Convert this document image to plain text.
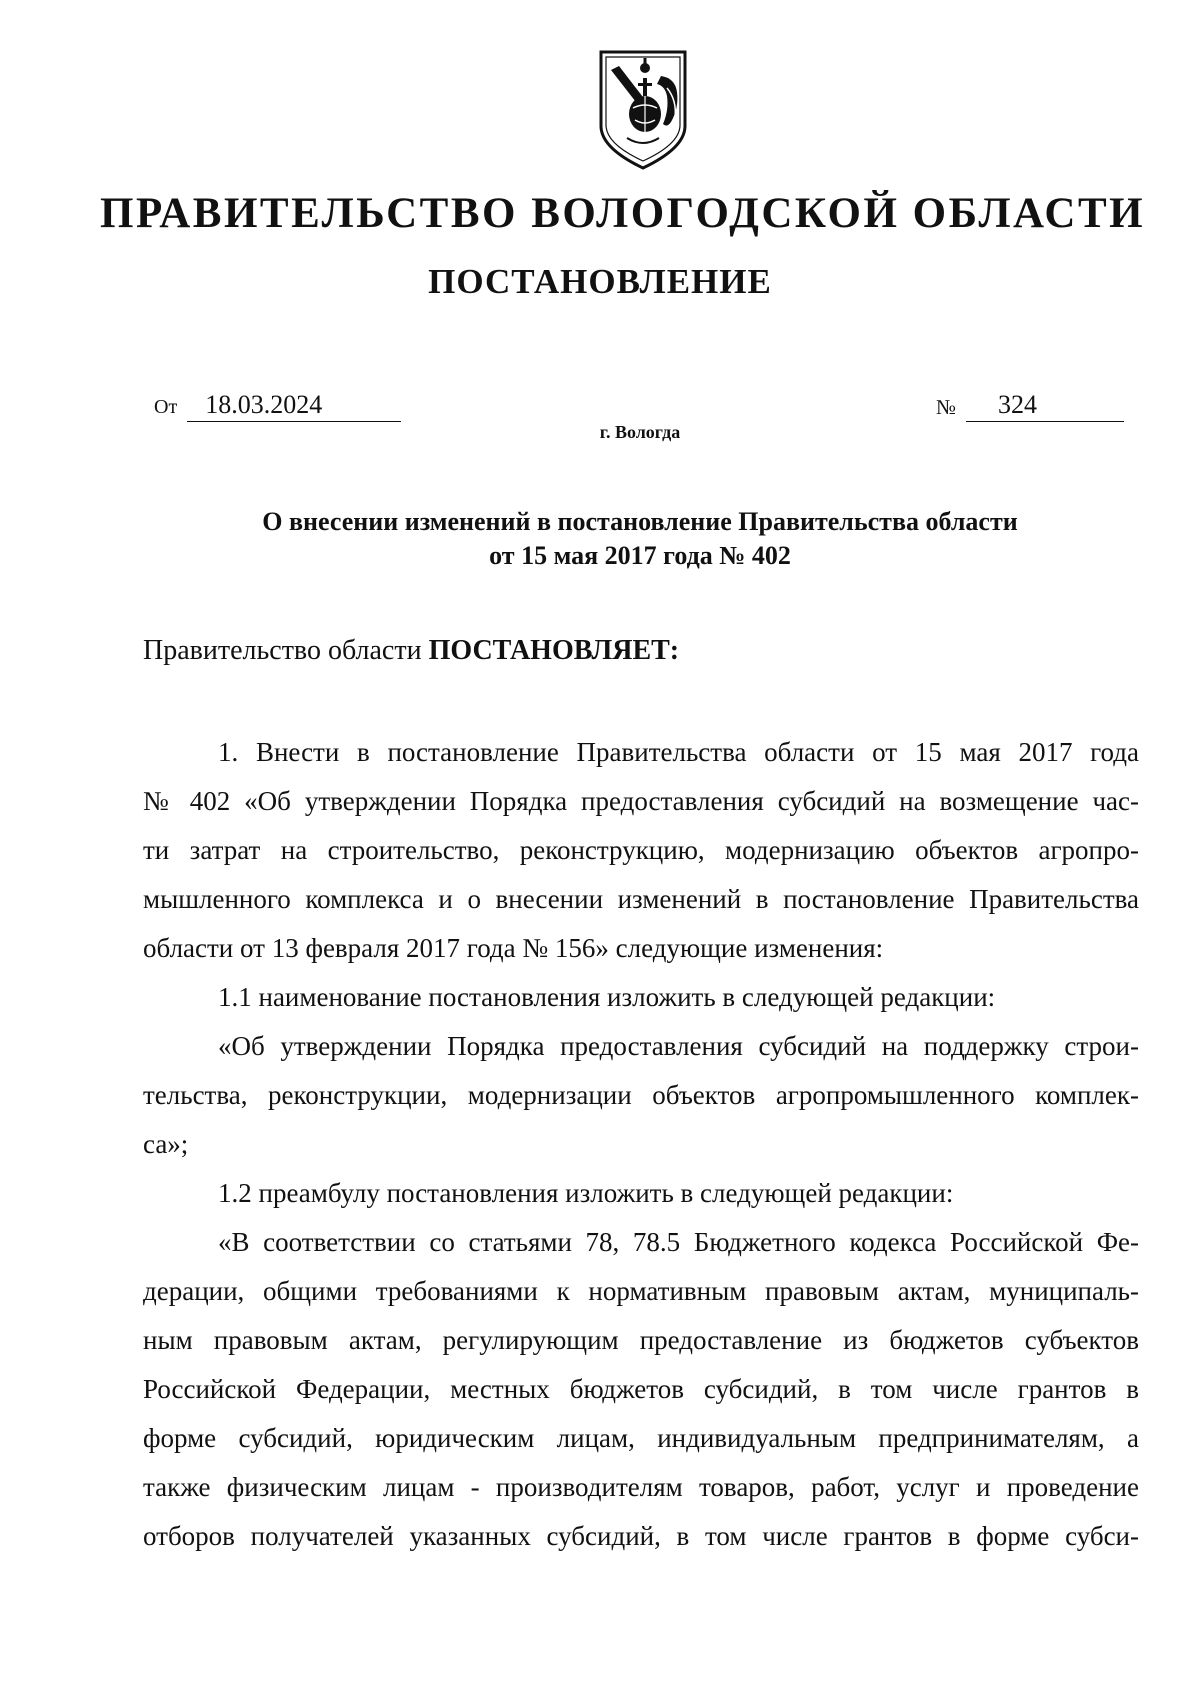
ПРАВИТЕЛЬСТВО ВОЛОГОДСКОЙ ОБЛАСТИ
ПОСТАНОВЛЕНИЕ
От	18.03.2024	№	324
г. Вологда
О внесении изменений в постановление Правительства области
от 15 мая 2017 года № 402
Правительство области ПОСТАНОВЛЯЕТ:
1. Внести в постановление Правительства области от 15 мая 2017 года
№ 402 «Об утверждении Порядка предоставления субсидий на возмещение час-
ти затрат на строительство, реконструкцию, модернизацию объектов агропро-
мышленного комплекса и о внесении изменений в постановление Правительства
области от 13 февраля 2017 года № 156» следующие изменения:
1.1 наименование постановления изложить в следующей редакции:
«Об утверждении Порядка предоставления субсидий на поддержку строи-
тельства, реконструкции, модернизации объектов агропромышленного комплек-
са»;
1.2 преамбулу постановления изложить в следующей редакции:
«В соответствии со статьями 78, 78.5 Бюджетного кодекса Российской Фе-
дерации, общими требованиями к нормативным правовым актам, муниципаль-
ным правовым актам, регулирующим предоставление из бюджетов субъектов
Российской Федерации, местных бюджетов субсидий, в том числе грантов в
форме субсидий, юридическим лицам, индивидуальным предпринимателям, а
также физическим лицам - производителям товаров, работ, услуг и проведение
отборов получателей указанных субсидий, в том числе грантов в форме субси-
